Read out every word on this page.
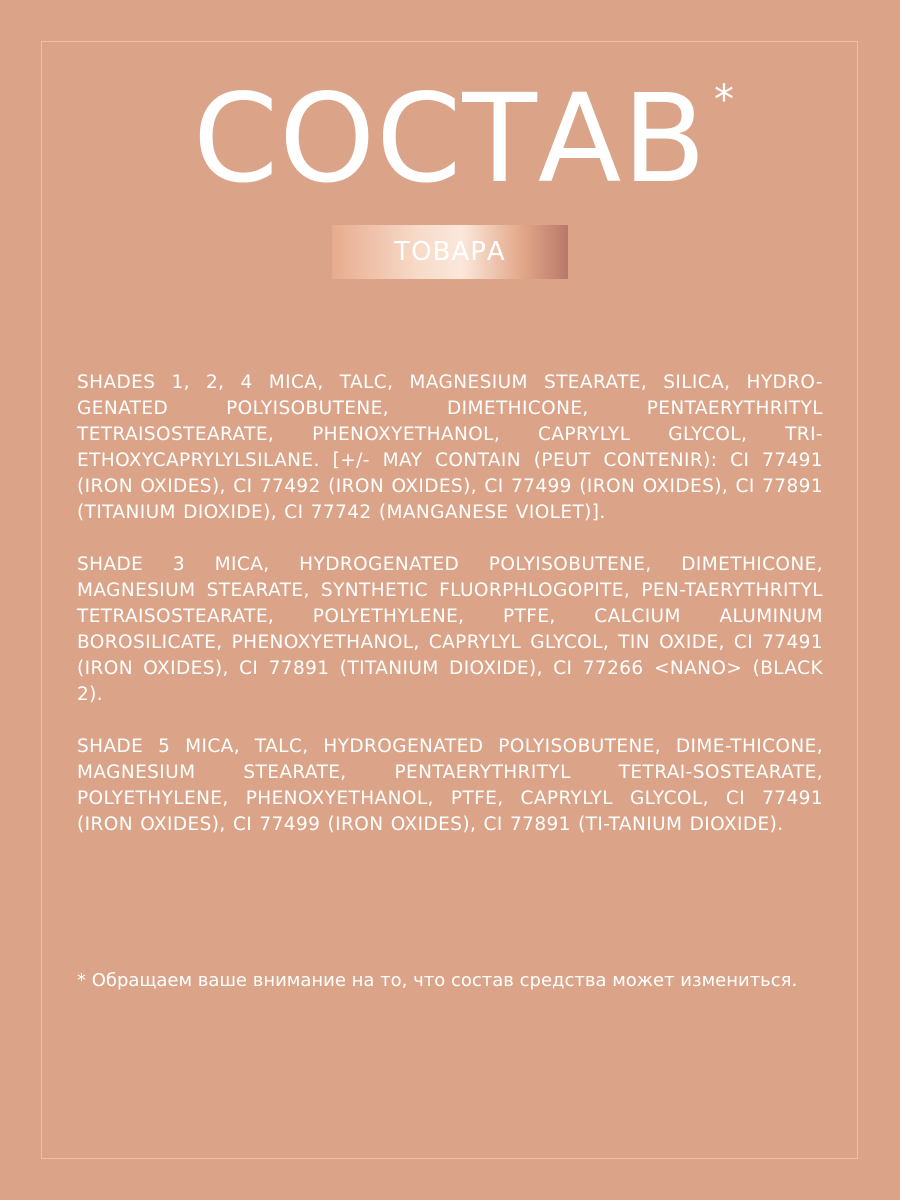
СОСТАВ *
ТОВАРА

SHADES 1, 2, 4 MICA, TALC, MAGNESIUM STEARATE, SILICA, HYDRO-GENATED POLYISOBUTENE, DIMETHICONE, PENTAERYTHRITYL TETRAISOSTEARATE, PHENOXYETHANOL, CAPRYLYL GLYCOL, TRI-ETHOXYCAPRYLYLSILANE. [+/- MAY CONTAIN (PEUT CONTENIR): CI 77491 (IRON OXIDES), CI 77492 (IRON OXIDES), CI 77499 (IRON OXIDES), CI 77891 (TITANIUM DIOXIDE), CI 77742 (MANGANESE VIOLET)].

SHADE 3 MICA, HYDROGENATED POLYISOBUTENE, DIMETHICONE, MAGNESIUM STEARATE, SYNTHETIC FLUORPHLOGOPITE, PEN-TAERYTHRITYL TETRAISOSTEARATE, POLYETHYLENE, PTFE, CALCIUM ALUMINUM BOROSILICATE, PHENOXYETHANOL, CAPRYLYL GLYCOL, TIN OXIDE, CI 77491 (IRON OXIDES), CI 77891 (TITANIUM DIOXIDE), CI 77266 <NANO> (BLACK 2).

SHADE 5 MICA, TALC, HYDROGENATED POLYISOBUTENE, DIME-THICONE, MAGNESIUM STEARATE, PENTAERYTHRITYL TETRAI-SOSTEARATE, POLYETHYLENE, PHENOXYETHANOL, PTFE, CAPRYLYL GLYCOL, CI 77491 (IRON OXIDES), CI 77499 (IRON OXIDES), CI 77891 (TI-TANIUM DIOXIDE).

* Обращаем ваше внимание на то, что состав средства может измениться.
